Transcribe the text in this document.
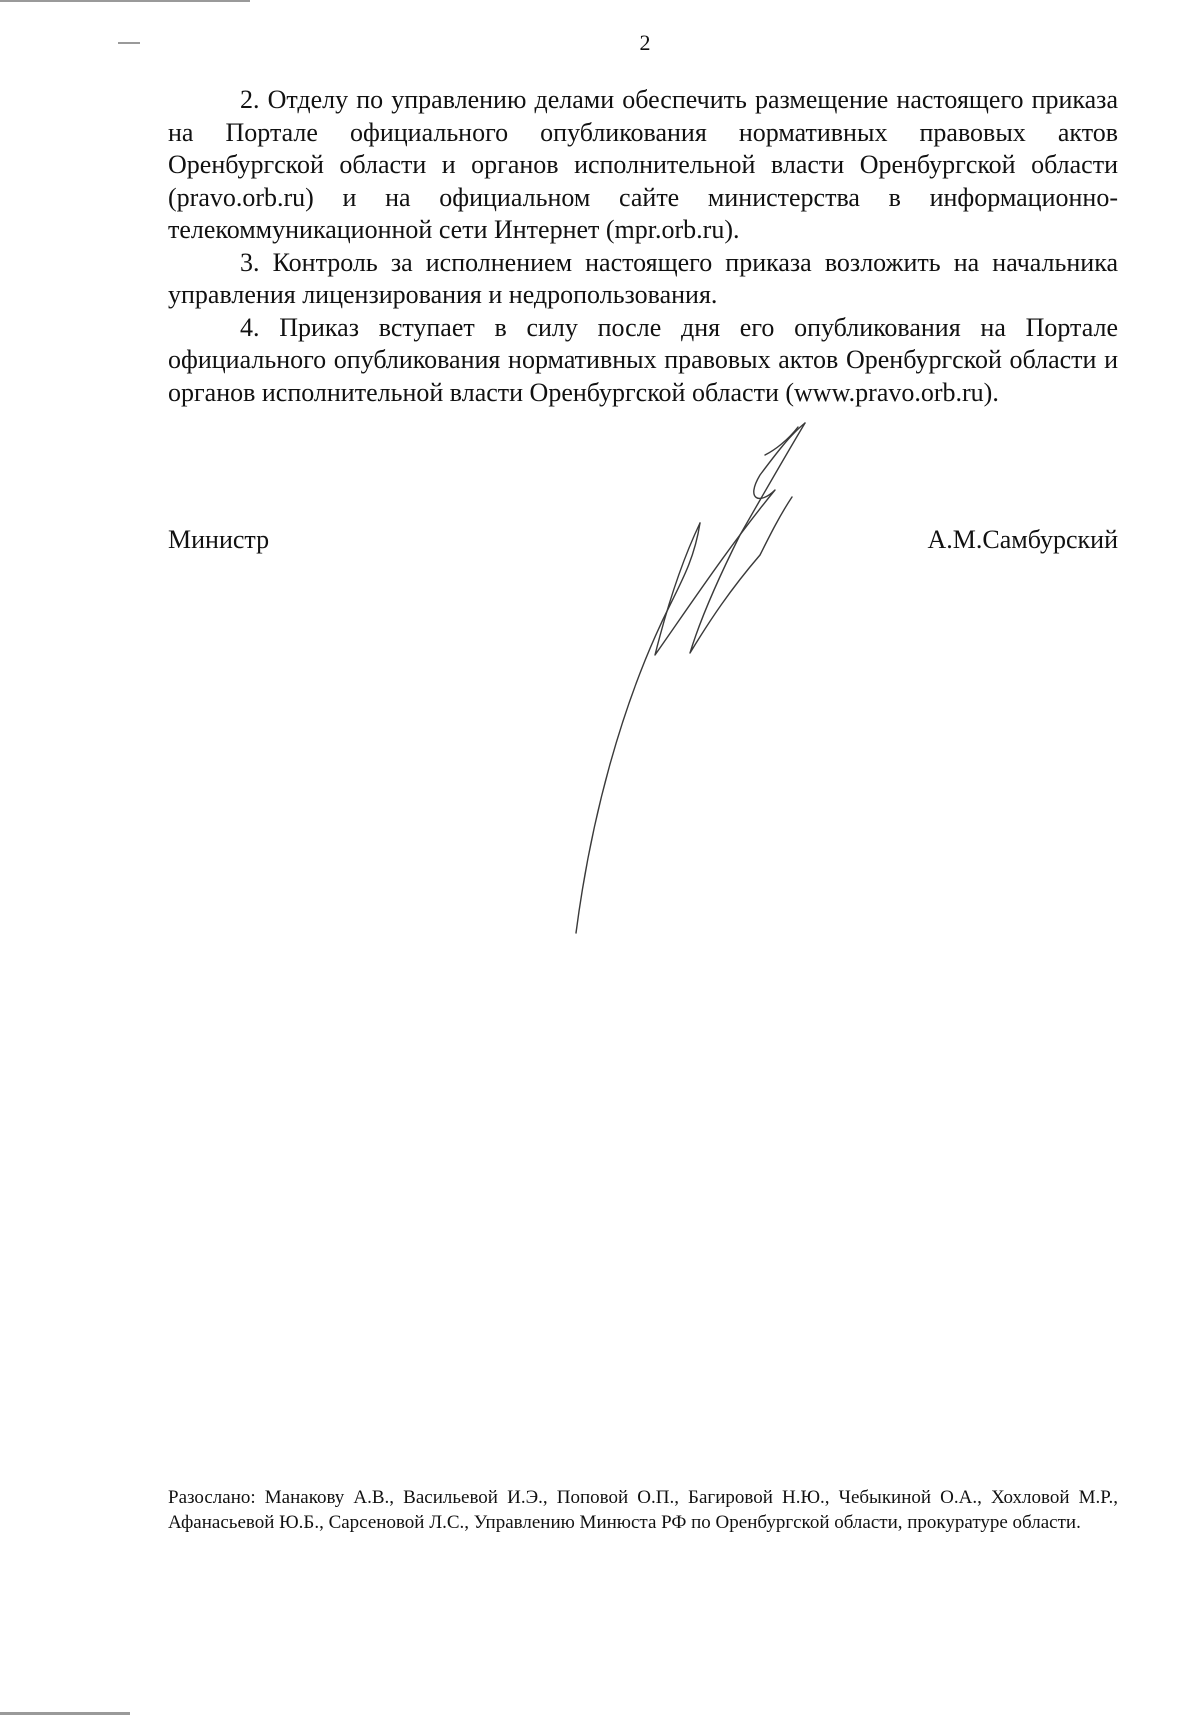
2

2. Отделу по управлению делами обеспечить размещение настоящего приказа на Портале официального опубликования нормативных правовых актов Оренбургской области и органов исполнительной власти Оренбургской области (pravo.orb.ru) и на официальном сайте министерства в информационно-телекоммуникационной сети Интернет (mpr.orb.ru).

3. Контроль за исполнением настоящего приказа возложить на начальника управления лицензирования и недропользования.

4. Приказ вступает в силу после дня его опубликования на Портале официального опубликования нормативных правовых актов Оренбургской области и органов исполнительной власти Оренбургской области (www.pravo.orb.ru).

Министр	А.М.Самбурский
Разослано: Манакову А.В., Васильевой И.Э., Поповой О.П., Багировой Н.Ю., Чебыкиной О.А., Хохловой М.Р., Афанасьевой Ю.Б., Сарсеновой Л.С., Управлению Минюста РФ по Оренбургской области, прокуратуре области.
